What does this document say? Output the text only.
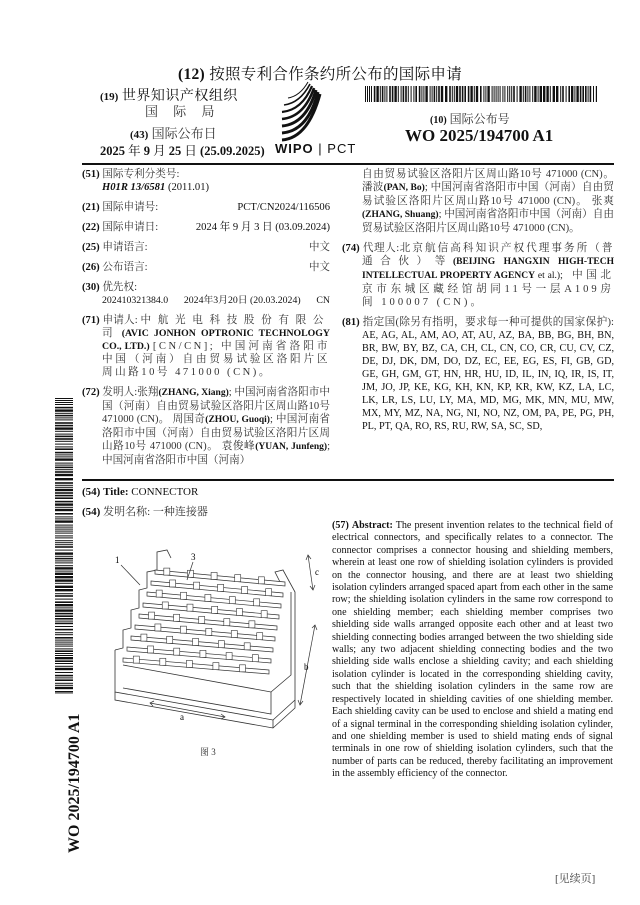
(12) 按照专利合作条约所公布的国际申请
(19) 世界知识产权组织
国 际 局
(43) 国际公布日
2025 年 9 月 25 日 (25.09.2025) WIPO | PCT
(10) 国际公布号
WO 2025/194700 A1
(51) 国际专利分类号:
H01R 13/6581 (2011.01)
(21) 国际申请号:	PCT/CN2024/116506
(22) 国际申请日:	2024 年 9 月 3 日 (03.09.2024)
(25) 申请语言:	中文
(26) 公布语言:	中文
(30) 优先权:
202410321384.0 2024年3月20日 (20.03.2024) CN
(71) 申请人: 中航光电科技股份有限公司(AVIC JONHON OPTRONIC TECHNOLOGY CO., LTD.) [CN/CN]; 中国河南省洛阳市中国（河南）自由贸易试验区洛阳片区周山路10号 471000 (CN)。
(72) 发明人:张翔(ZHANG, Xiang); 中国河南省洛阳市中国（河南）自由贸易试验区洛阳片区周山路10号 471000 (CN)。 周国奇(ZHOU, Guoqi); 中国河南省洛阳市中国（河南）自由贸易试验区洛阳片区周山路10号 471000 (CN)。 袁俊峰(YUAN, Junfeng); 中国河南省洛阳市中国（河南）
自由贸易试验区洛阳片区周山路10号 471000 (CN)。 潘波(PAN, Bo); 中国河南省洛阳市中国（河南）自由贸易试验区洛阳片区周山路10号 471000 (CN)。 张爽(ZHANG, Shuang); 中国河南省洛阳市中国（河南）自由贸易试验区洛阳片区周山路10号 471000 (CN)。
(74) 代理人:北京航信高科知识产权代理事务所（普通合伙）等(BEIJING HANGXIN HIGH-TECH INTELLECTUAL PROPERTY AGENCY et al.); 中国北京市东城区藏经馆胡同11号一层A109房间 100007 (CN)。
(81) 指定国(除另有指明，要求每一种可提供的国家保护): AE, AG, AL, AM, AO, AT, AU, AZ, BA, BB, BG, BH, BN, BR, BW, BY, BZ, CA, CH, CL, CN, CO, CR, CU, CV, CZ, DE, DJ, DK, DM, DO, DZ, EC, EE, EG, ES, FI, GB, GD, GE, GH, GM, GT, HN, HR, HU, ID, IL, IN, IQ, IR, IS, IT, JM, JO, JP, KE, KG, KH, KN, KP, KR, KW, KZ, LA, LC, LK, LR, LS, LU, LY, MA, MD, MG, MK, MN, MU, MW, MX, MY, MZ, NA, NG, NI, NO, NZ, OM, PA, PE, PG, PH, PL, PT, QA, RO, RS, RU, RW, SA, SC, SD,
WO 2025/194700 A1
(54) Title: CONNECTOR
(54) 发明名称: 一种连接器
1	3
c
b
a
图 3
(57) Abstract: The present invention relates to the technical field of electrical connectors, and specifically relates to a connector. The connector comprises a connector housing and shielding members, wherein at least one row of shielding isolation cylinders is provided on the connector housing, and there are at least two shielding isolation cylinders arranged spaced apart from each other in the same row; the shielding isolation cylinders in the same row correspond to one shielding member; each shielding member comprises two shielding side walls arranged opposite each other and at least two shielding connecting bodies arranged between the two shielding side walls; any two adjacent shielding connecting bodies and the two shielding side walls enclose a shielding cavity; and each shielding isolation cylinder is located in the corresponding shielding cavity, such that the shielding isolation cylinders in the same row are respectively located in shielding cavities of one shielding member. Each shielding cavity can be used to enclose and shield a mating end of a signal terminal in the corresponding shielding isolation cylinder, and one shielding member is used to shield mating ends of signal terminals in one row of shielding isolation cylinders, such that the number of parts can be reduced, thereby facilitating an improvement in the assembly efficiency of the connector.
[见续页]
